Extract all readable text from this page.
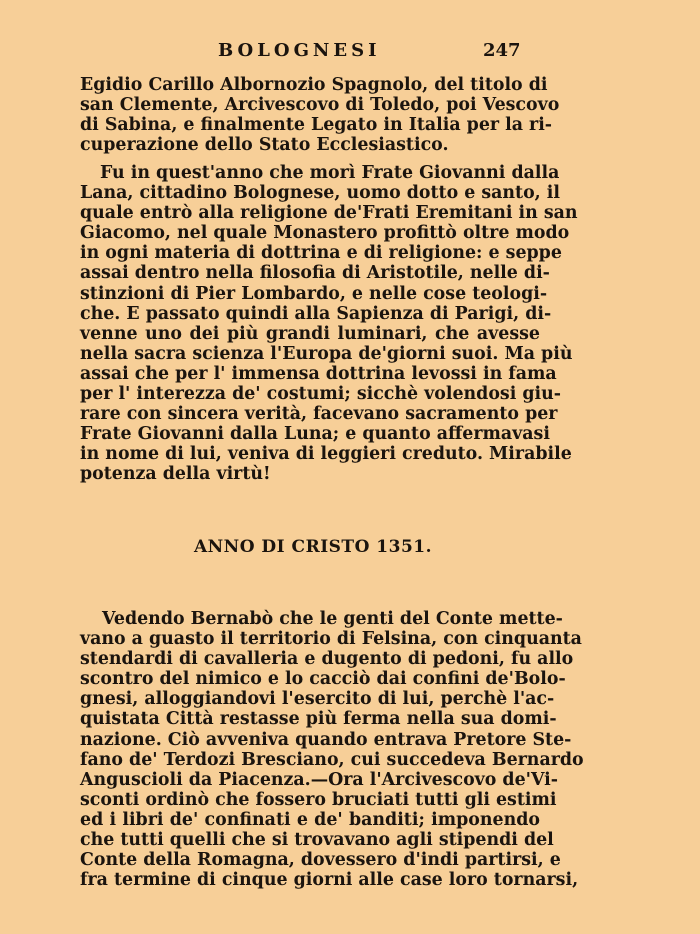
BOLOGNESI	247
Egidio Carillo Albornozio Spagnolo, del titolo di
san Clemente, Arcivescovo di Toledo, poi Vescovo
di Sabina, e finalmente Legato in Italia per la ri-
cuperazione dello Stato Ecclesiastico.
Fu in quest'anno che morì Frate Giovanni dalla
Lana, cittadino Bolognese, uomo dotto e santo, il
quale entrò alla religione de'Frati Eremitani in san
Giacomo, nel quale Monastero profittò oltre modo
in ogni materia di dottrina e di religione: e seppe
assai dentro nella filosofia di Aristotile, nelle di-
stinzioni di Pier Lombardo, e nelle cose teologi-
che. E passato quindi alla Sapienza di Parigi, di-
venne uno dei più grandi luminari, che avesse
nella sacra scienza l'Europa de'giorni suoi. Ma più
assai che per l' immensa dottrina levossi in fama
per l' interezza de' costumi; sicchè volendosi giu-
rare con sincera verità, facevano sacramento per
Frate Giovanni dalla Luna; e quanto affermavasi
in nome di lui, veniva di leggieri creduto. Mirabile
potenza della virtù!
ANNO DI CRISTO 1351.
Vedendo Bernabò che le genti del Conte mette-
vano a guasto il territorio di Felsina, con cinquanta
stendardi di cavalleria e dugento di pedoni, fu allo
scontro del nimico e lo cacciò dai confini de'Bolo-
gnesi, alloggiandovi l'esercito di lui, perchè l'ac-
quistata Città restasse più ferma nella sua domi-
nazione. Ciò avveniva quando entrava Pretore Ste-
fano de' Terdozi Bresciano, cui succedeva Bernardo
Anguscioli da Piacenza.—Ora l'Arcivescovo de'Vi-
sconti ordinò che fossero bruciati tutti gli estimi
ed i libri de' confinati e de' banditi; imponendo
che tutti quelli che si trovavano agli stipendi del
Conte della Romagna, dovessero d'indi partirsi, e
fra termine di cinque giorni alle case loro tornarsi,
